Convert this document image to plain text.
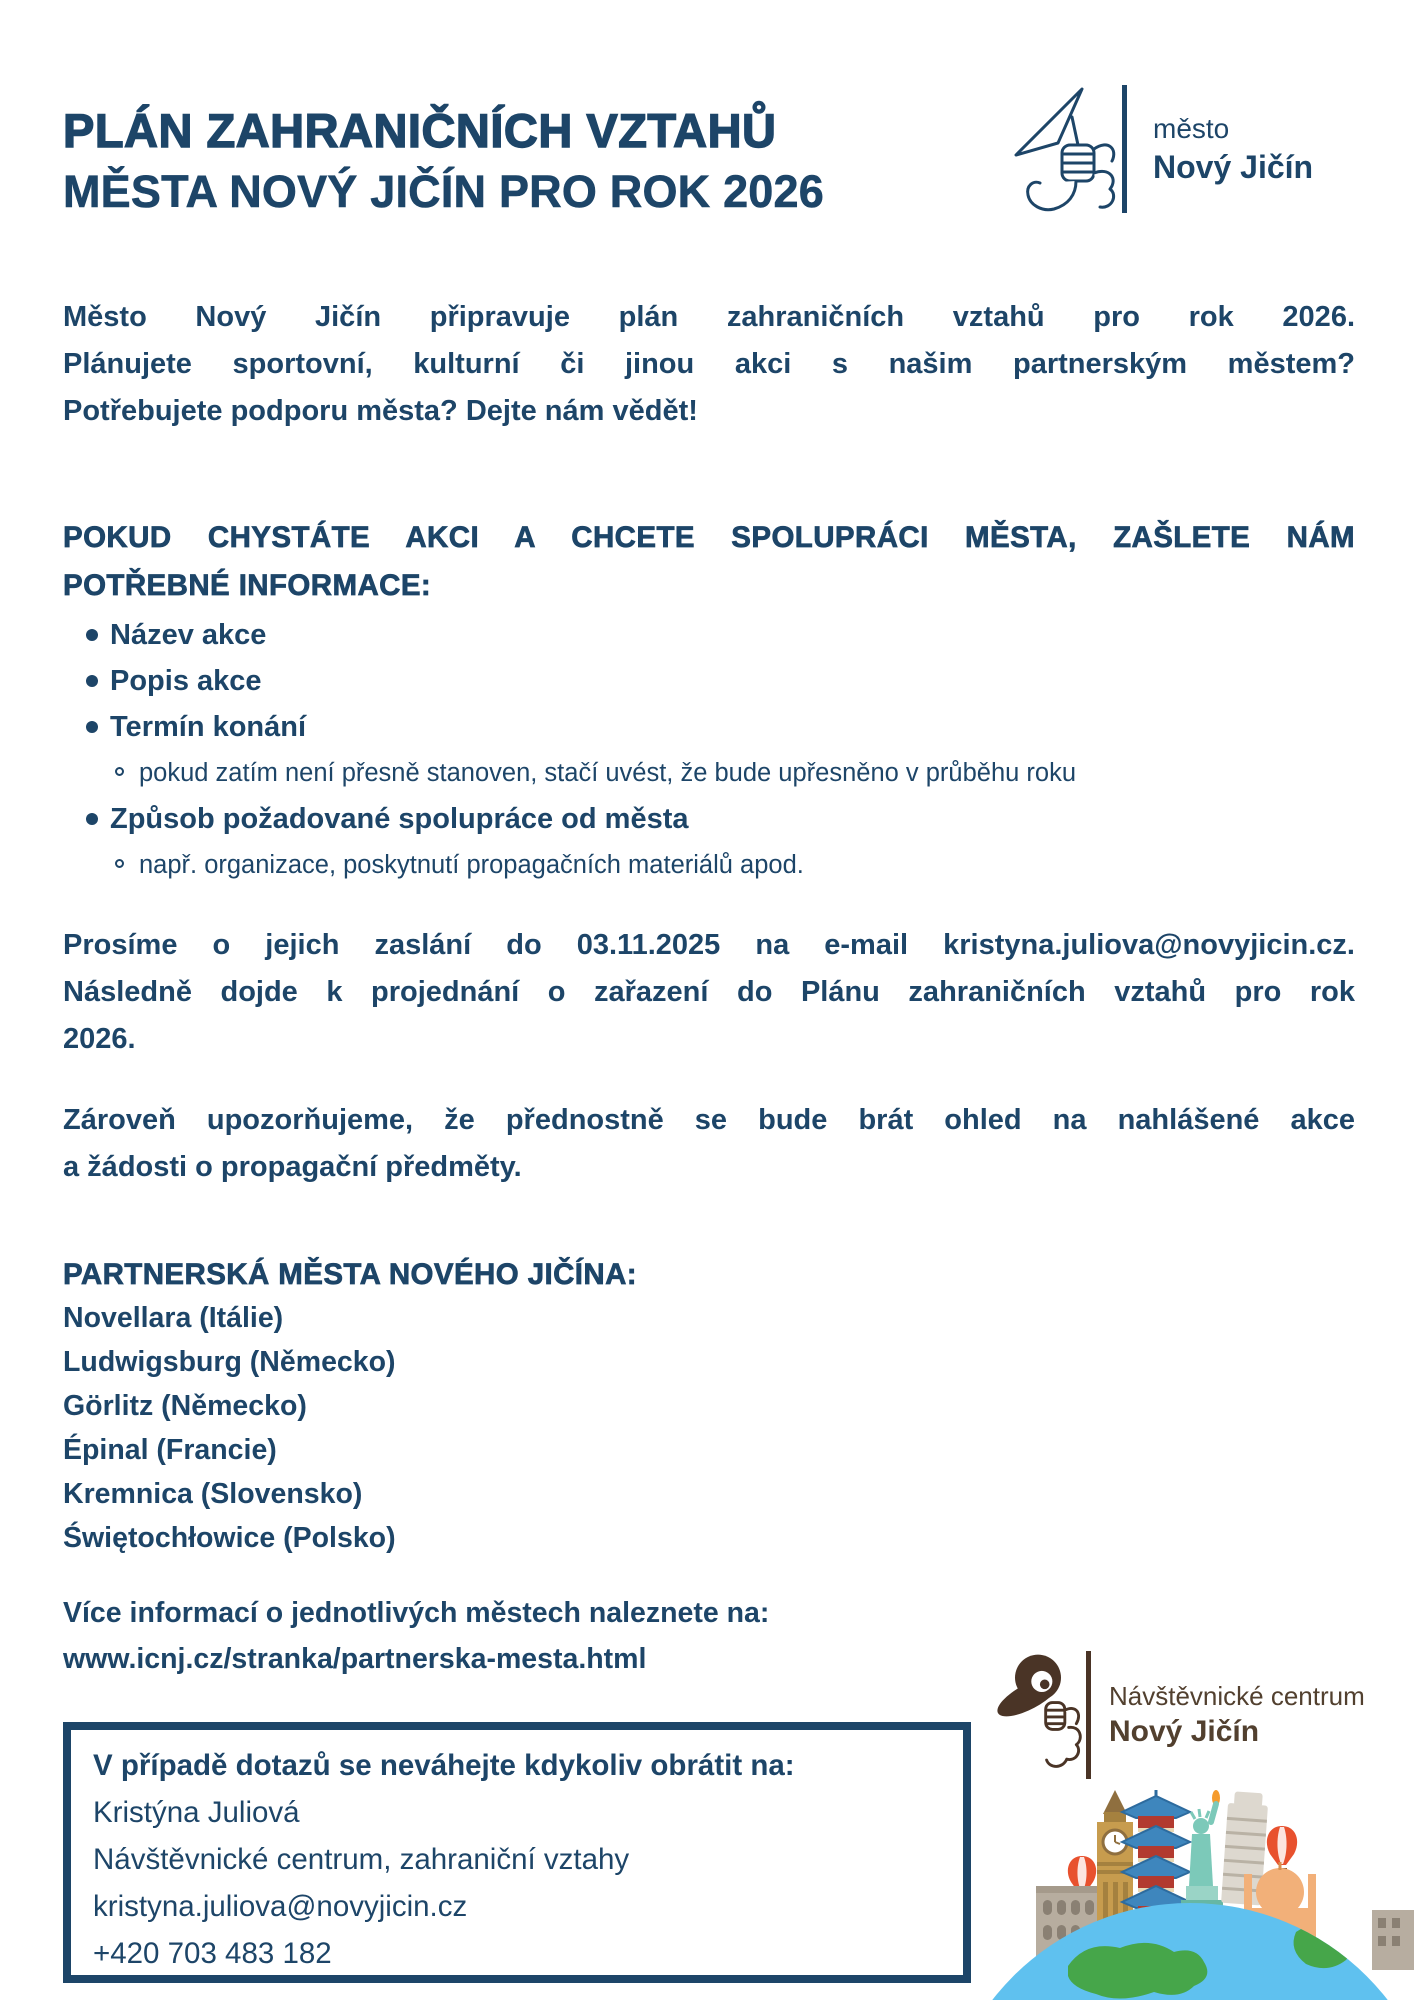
PLÁN ZAHRANIČNÍCH VZTAHŮ
MĚSTA NOVÝ JIČÍN PRO ROK 2026
město
Nový Jičín
Město Nový Jičín připravuje plán zahraničních vztahů pro rok 2026.
Plánujete sportovní, kulturní či jinou akci s našim partnerským městem?
Potřebujete podporu města? Dejte nám vědět!
POKUD CHYSTÁTE AKCI A CHCETE SPOLUPRÁCI MĚSTA, ZAŠLETE NÁM
POTŘEBNÉ INFORMACE:
Název akce
Popis akce
Termín konání
pokud zatím není přesně stanoven, stačí uvést, že bude upřesněno v průběhu roku
Způsob požadované spolupráce od města
např. organizace, poskytnutí propagačních materiálů apod.
Prosíme o jejich zaslání do 03.11.2025 na e-mail kristyna.juliova@novyjicin.cz.
Následně dojde k projednání o zařazení do Plánu zahraničních vztahů pro rok
2026.
Zároveň upozorňujeme, že přednostně se bude brát ohled na nahlášené akce
a žádosti o propagační předměty.
PARTNERSKÁ MĚSTA NOVÉHO JIČÍNA:
Novellara (Itálie)
Ludwigsburg (Německo)
Görlitz (Německo)
Épinal (Francie)
Kremnica (Slovensko)
Świętochłowice (Polsko)
Více informací o jednotlivých městech naleznete na:
www.icnj.cz/stranka/partnerska-mesta.html
V případě dotazů se neváhejte kdykoliv obrátit na:
Kristýna Juliová
Návštěvnické centrum, zahraniční vztahy
kristyna.juliova@novyjicin.cz
+420 703 483 182
Návštěvnické centrum
Nový Jičín
